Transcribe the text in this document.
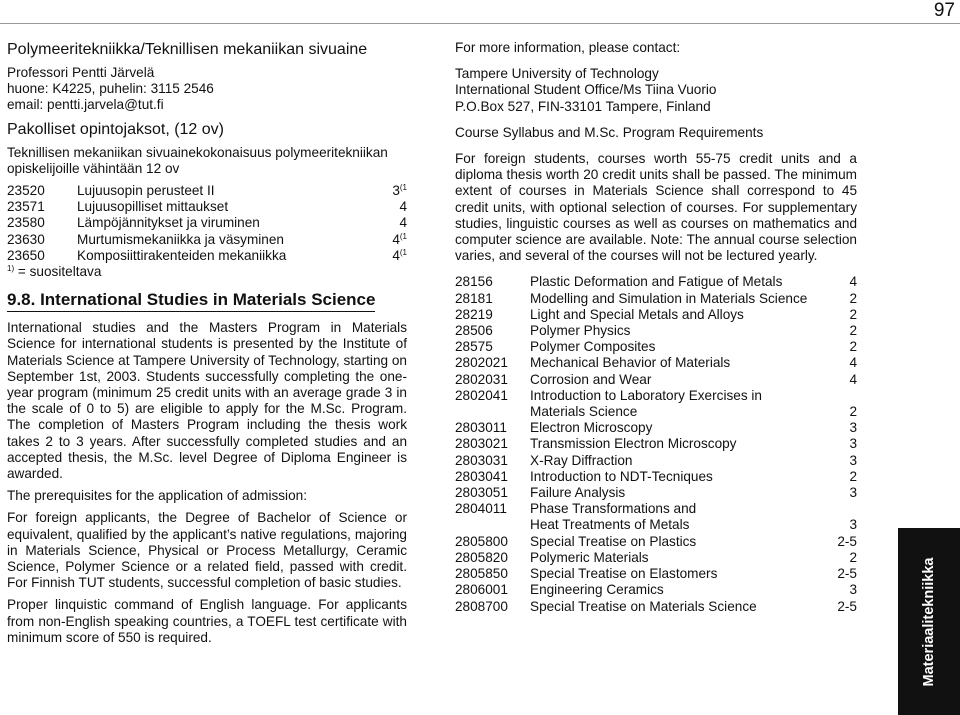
97
Polymeeritekniikka/Teknillisen mekaniikan sivuaine
Professori Pentti Järvelä
huone: K4225, puhelin: 3115 2546
email: pentti.jarvela@tut.fi
Pakolliset opintojaksot, (12 ov)
Teknillisen mekaniikan sivuainekokonaisuus polymeeritekniikan
opiskelijoille vähintään 12 ov
23520	Lujuusopin perusteet II	3$^{(1}$
23571	Lujuusopilliset mittaukset	4
23580	Lämpöjännitykset ja viruminen	4
23630	Murtumismekaniikka ja väsyminen	4$^{(1}$
23650	Komposiittirakenteiden mekaniikka	4$^{(1}$
$^{1)}$ = suositeltava
9.8. International Studies in Materials Science

International studies and the Masters Program in Materials Science for international students is presented by the Institute of Materials Science at Tampere University of Technology, starting on September 1st, 2003. Students successfully completing the one-year program (minimum 25 credit units with an average grade 3 in the scale of 0 to 5) are eligible to apply for the M.Sc. Program. The completion of Masters Program including the thesis work takes 2 to 3 years. After successfully completed studies and an accepted thesis, the M.Sc. level Degree of Diploma Engineer is awarded.

The prerequisites for the application of admission:

For foreign applicants, the Degree of Bachelor of Science or equivalent, qualified by the applicant’s native regulations, majoring in Materials Science, Physical or Process Metallurgy, Ceramic Science, Polymer Science or a related field, passed with credit. For Finnish TUT students, successful completion of basic studies.

Proper linquistic command of English language. For applicants from non-English speaking countries, a TOEFL test certificate with minimum score of 550 is required.

For more information, please contact:
Tampere University of Technology
International Student Office/Ms Tiina Vuorio
P.O.Box 527, FIN-33101 Tampere, Finland
Course Syllabus and M.Sc. Program Requirements
For foreign students, courses worth 55-75 credit units and a diploma thesis worth 20 credit units shall be passed. The minimum extent of courses in Materials Science shall correspond to 45 credit units, with optional selection of courses. For supplementary studies, linguistic courses as well as courses on mathematics and computer science are available. Note: The annual course selection varies, and several of the courses will not be lectured yearly.
28156	Plastic Deformation and Fatigue of Metals	4
28181	Modelling and Simulation in Materials Science	2
28219	Light and Special Metals and Alloys	2
28506	Polymer Physics	2
28575	Polymer Composites	2
2802021	Mechanical Behavior of Materials	4
2802031	Corrosion and Wear	4
2802041	Introduction to Laboratory Exercises in	
	Materials Science	2
2803011	Electron Microscopy	3
2803021	Transmission Electron Microscopy	3
2803031	X-Ray Diffraction	3
2803041	Introduction to NDT-Tecniques	2
2803051	Failure Analysis	3
2804011	Phase Transformations and	
	Heat Treatments of Metals	3
2805800	Special Treatise on Plastics	2-5
2805820	Polymeric Materials	2
2805850	Special Treatise on Elastomers	2-5
2806001	Engineering Ceramics	3
2808700	Special Treatise on Materials Science	2-5	Materiaalitekniikka
